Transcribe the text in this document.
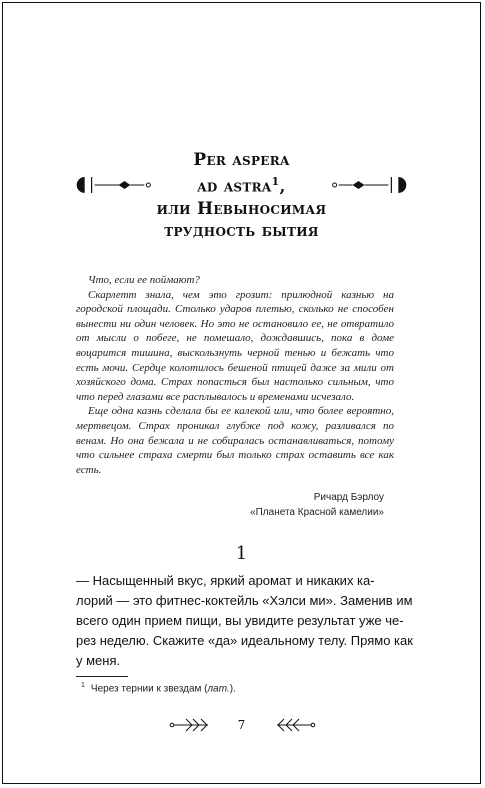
Per aspera
ad astra$^1$,
или Невыносимая
трудность бытия

Что, если ее поймают?

Скарлетт знала, чем это грозит: прилюдной казнью на городской площади. Столько ударов плетью, сколько не способен вынести ни один человек. Но это не остановило ее, не отвратило от мысли о побеге, не помешало, дождавшись, пока в доме воцарится тишина, выскользнуть черной тенью и бежать что есть мочи. Сердце колотилось бешеной птицей даже за мили от хозяйского дома. Страх попасться был настолько сильным, что что перед глазами все расплывалось и временами исчезало.

Еще одна казнь сделала бы ее калекой или, что более вероятно, мертвецом. Страх проникал глубже под кожу, разливался по венам. Но она бежала и не собиралась останавливаться, потому что сильнее страха смерти был только страх оставить все как есть.

Ричард Бэрлоу
«Планета Красной камелии»
1
— Насыщенный вкус, яркий аромат и никаких ка-
лорий — это фитнес-коктейль «Хэлси ми». Заменив им
всего один прием пищи, вы увидите результат уже че-
рез неделю. Скажите «да» идеальному телу. Прямо как
у меня.
$^1$ Через тернии к звездам (лат.).
7
